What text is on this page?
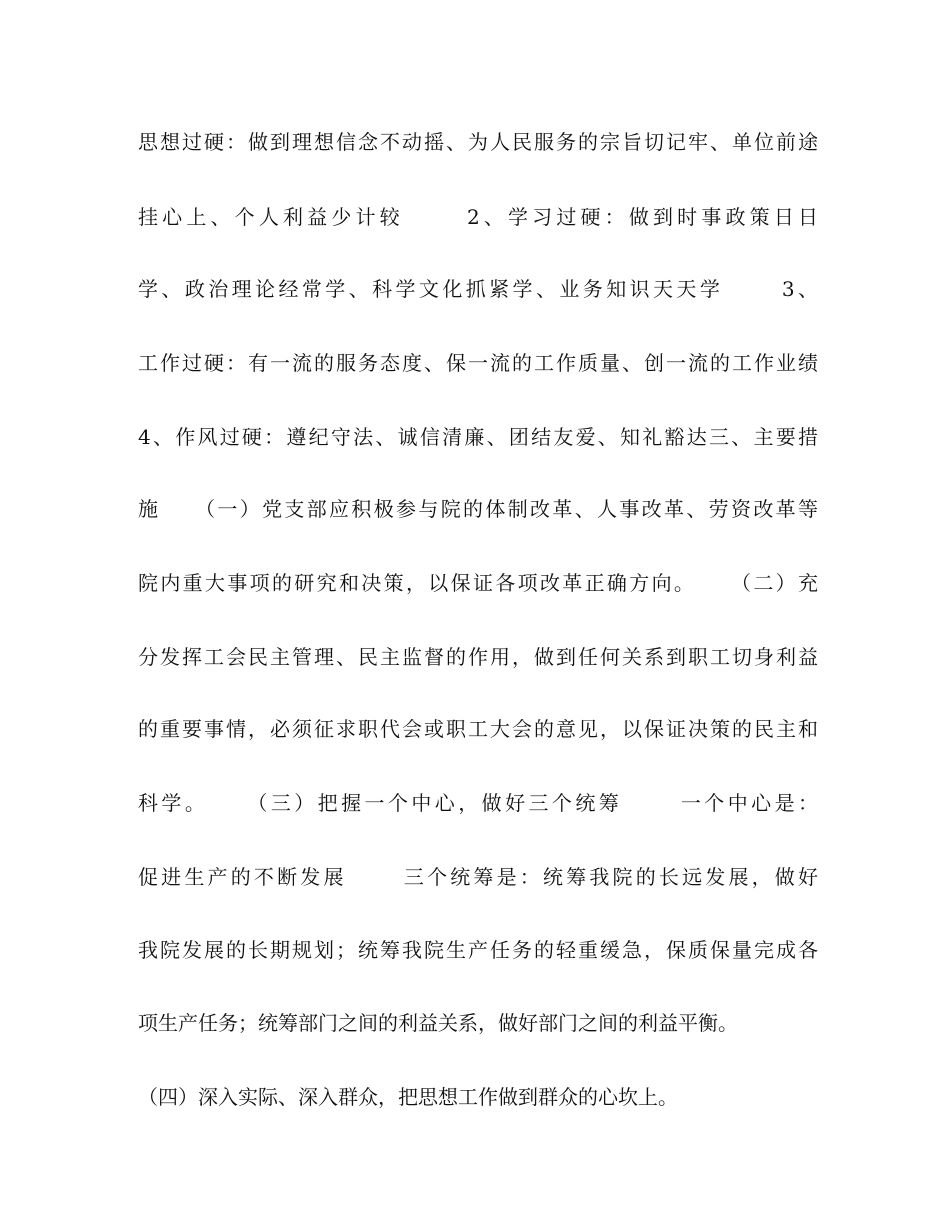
思想过硬：做到理想信念不动摇、为人民服务的宗旨切记牢、单位前途
挂心上、个人利益少计较      2、学习过硬：做到时事政策日日
学、政治理论经常学、科学文化抓紧学、业务知识天天学      3、
工作过硬：有一流的服务态度、保一流的工作质量、创一流的工作业绩
4、作风过硬：遵纪守法、诚信清廉、团结友爱、知礼豁达三、主要措
施    （一）党支部应积极参与院的体制改革、人事改革、劳资改革等
院内重大事项的研究和决策，以保证各项改革正确方向。    （二）充
分发挥工会民主管理、民主监督的作用，做到任何关系到职工切身利益
的重要事情，必须征求职代会或职工大会的意见，以保证决策的民主和
科学。    （三）把握一个中心，做好三个统筹      一个中心是：
促进生产的不断发展      三个统筹是：统筹我院的长远发展，做好
我院发展的长期规划；统筹我院生产任务的轻重缓急，保质保量完成各
项生产任务；统筹部门之间的利益关系，做好部门之间的利益平衡。
（四）深入实际、深入群众，把思想工作做到群众的心坎上。
